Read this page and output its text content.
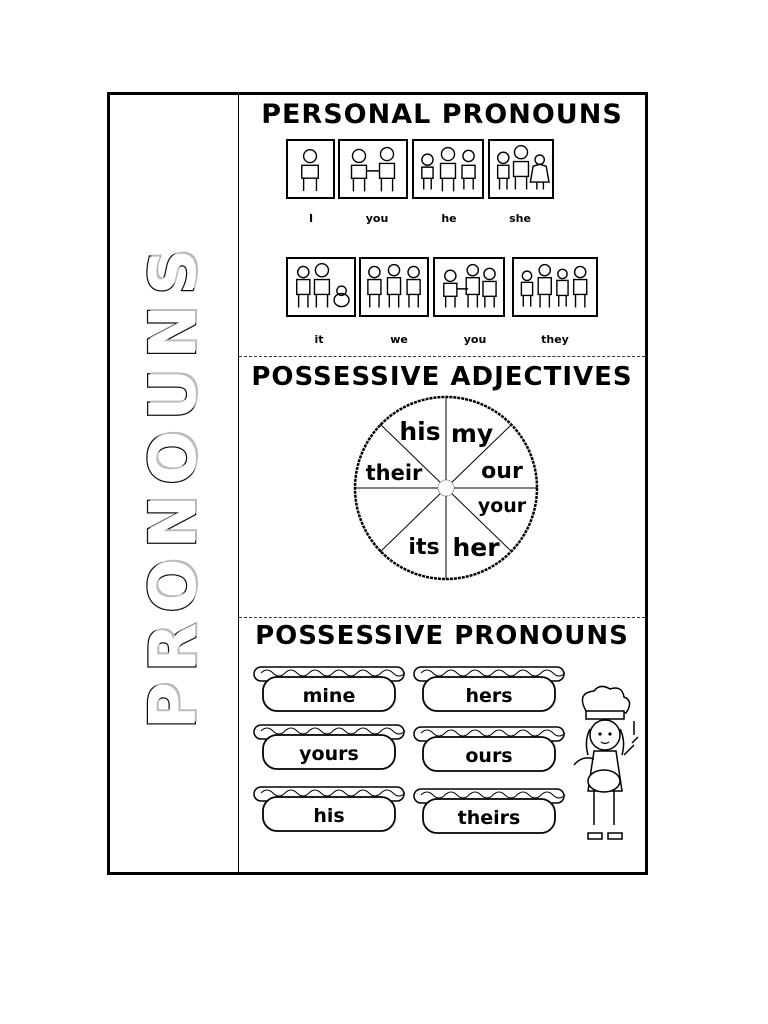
PRONOUNS
PERSONAL PRONOUNS
I	you	he	she
it	we	you	they
POSSESSIVE ADJECTIVES
his my
their	our
your
its her
POSSESSIVE PRONOUNS
mine	hers
yours	ours
his	theirs
